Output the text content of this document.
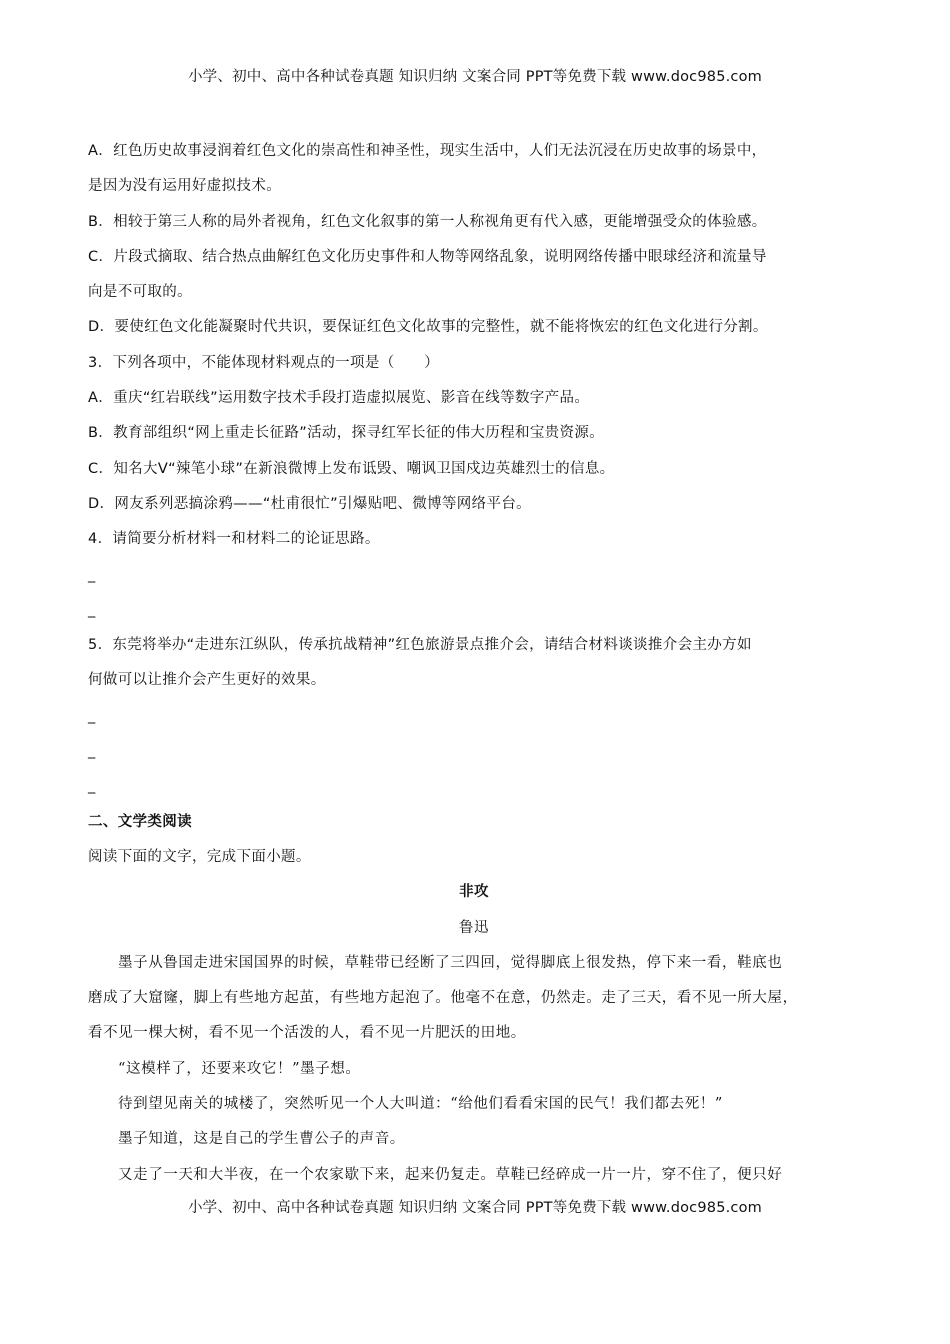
小学、初中、高中各种试卷真题 知识归纳 文案合同 PPT等免费下载 www.doc985.com
A．红色历史故事浸润着红色文化的崇高性和神圣性，现实生活中，人们无法沉浸在历史故事的场景中，
是因为没有运用好虚拟技术。
B．相较于第三人称的局外者视角，红色文化叙事的第一人称视角更有代入感，更能增强受众的体验感。
C．片段式摘取、结合热点曲解红色文化历史事件和人物等网络乱象，说明网络传播中眼球经济和流量导
向是不可取的。
D．要使红色文化能凝聚时代共识，要保证红色文化故事的完整性，就不能将恢宏的红色文化进行分割。
3．下列各项中，不能体现材料观点的一项是（　　）
A．重庆“红岩联线”运用数字技术手段打造虚拟展览、影音在线等数字产品。
B．教育部组织“网上重走长征路”活动，探寻红军长征的伟大历程和宝贵资源。
C．知名大V“辣笔小球”在新浪微博上发布诋毁、嘲讽卫国戍边英雄烈士的信息。
D．网友系列恶搞涂鸦——“杜甫很忙”引爆贴吧、微博等网络平台。
4．请简要分析材料一和材料二的论证思路。
_
_
5．东莞将举办“走进东江纵队，传承抗战精神”红色旅游景点推介会，请结合材料谈谈推介会主办方如
何做可以让推介会产生更好的效果。
_
_
_
二、文学类阅读
阅读下面的文字，完成下面小题。
非攻
鲁迅
墨子从鲁国走进宋国国界的时候，草鞋带已经断了三四回，觉得脚底上很发热，停下来一看，鞋底也
磨成了大窟窿，脚上有些地方起茧，有些地方起泡了。他毫不在意，仍然走。走了三天，看不见一所大屋，
看不见一棵大树，看不见一个活泼的人，看不见一片肥沃的田地。
“这模样了，还要来攻它！”墨子想。
待到望见南关的城楼了，突然听见一个人大叫道：“给他们看看宋国的民气！我们都去死！”
墨子知道，这是自己的学生曹公子的声音。
又走了一天和大半夜，在一个农家歇下来，起来仍复走。草鞋已经碎成一片一片，穿不住了，便只好
小学、初中、高中各种试卷真题 知识归纳 文案合同 PPT等免费下载 www.doc985.com
